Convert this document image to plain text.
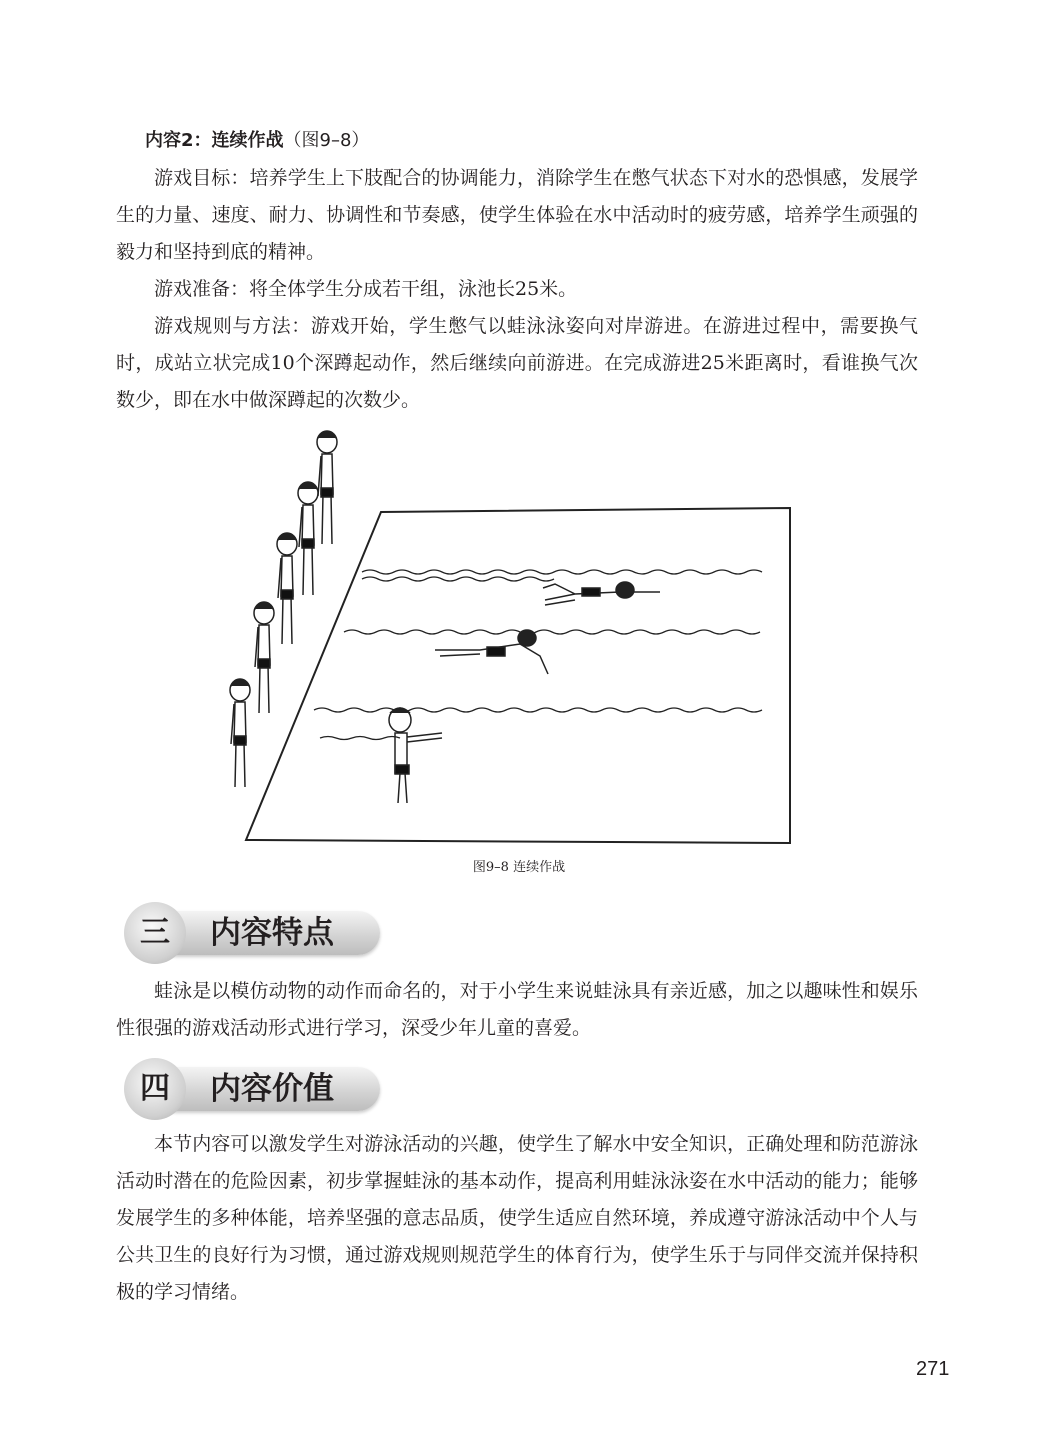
内容2：连续作战（图9–8）

游戏目标：培养学生上下肢配合的协调能力，消除学生在憋气状态下对水的恐惧感，发展学生的力量、速度、耐力、协调性和节奏感，使学生体验在水中活动时的疲劳感，培养学生顽强的毅力和坚持到底的精神。

游戏准备：将全体学生分成若干组，泳池长25米。

游戏规则与方法：游戏开始，学生憋气以蛙泳泳姿向对岸游进。在游进过程中，需要换气时，成站立状完成10个深蹲起动作，然后继续向前游进。在完成游进25米距离时，看谁换气次数少，即在水中做深蹲起的次数少。

图9–8 连续作战
三	内容特点

蛙泳是以模仿动物的动作而命名的，对于小学生来说蛙泳具有亲近感，加之以趣味性和娱乐性很强的游戏活动形式进行学习，深受少年儿童的喜爱。

四	内容价值

本节内容可以激发学生对游泳活动的兴趣，使学生了解水中安全知识，正确处理和防范游泳活动时潜在的危险因素，初步掌握蛙泳的基本动作，提高利用蛙泳泳姿在水中活动的能力；能够发展学生的多种体能，培养坚强的意志品质，使学生适应自然环境，养成遵守游泳活动中个人与公共卫生的良好行为习惯，通过游戏规则规范学生的体育行为，使学生乐于与同伴交流并保持积极的学习情绪。

271
